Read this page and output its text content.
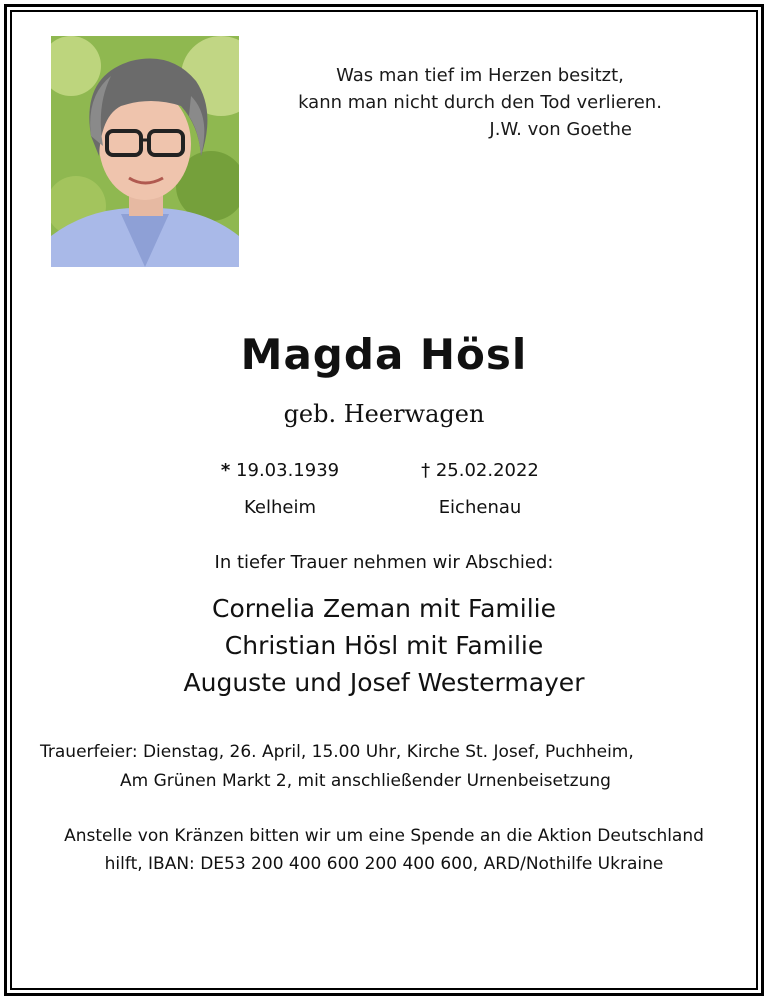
Was man tief im Herzen besitzt,
kann man nicht durch den Tod verlieren.
J.W. von Goethe
Magda Hösl
geb. Heerwagen
* 19.03.1939
Kelheim
† 25.02.2022
Eichenau
In tiefer Trauer nehmen wir Abschied:
Cornelia Zeman mit Familie
Christian Hösl mit Familie
Auguste und Josef Westermayer
Trauerfeier: Dienstag, 26. April, 15.00 Uhr, Kirche St. Josef, Puchheim,
Am Grünen Markt 2, mit anschließender Urnenbeisetzung
Anstelle von Kränzen bitten wir um eine Spende an die Aktion Deutschland
hilft, IBAN: DE53 200 400 600 200 400 600, ARD/Nothilfe Ukraine
